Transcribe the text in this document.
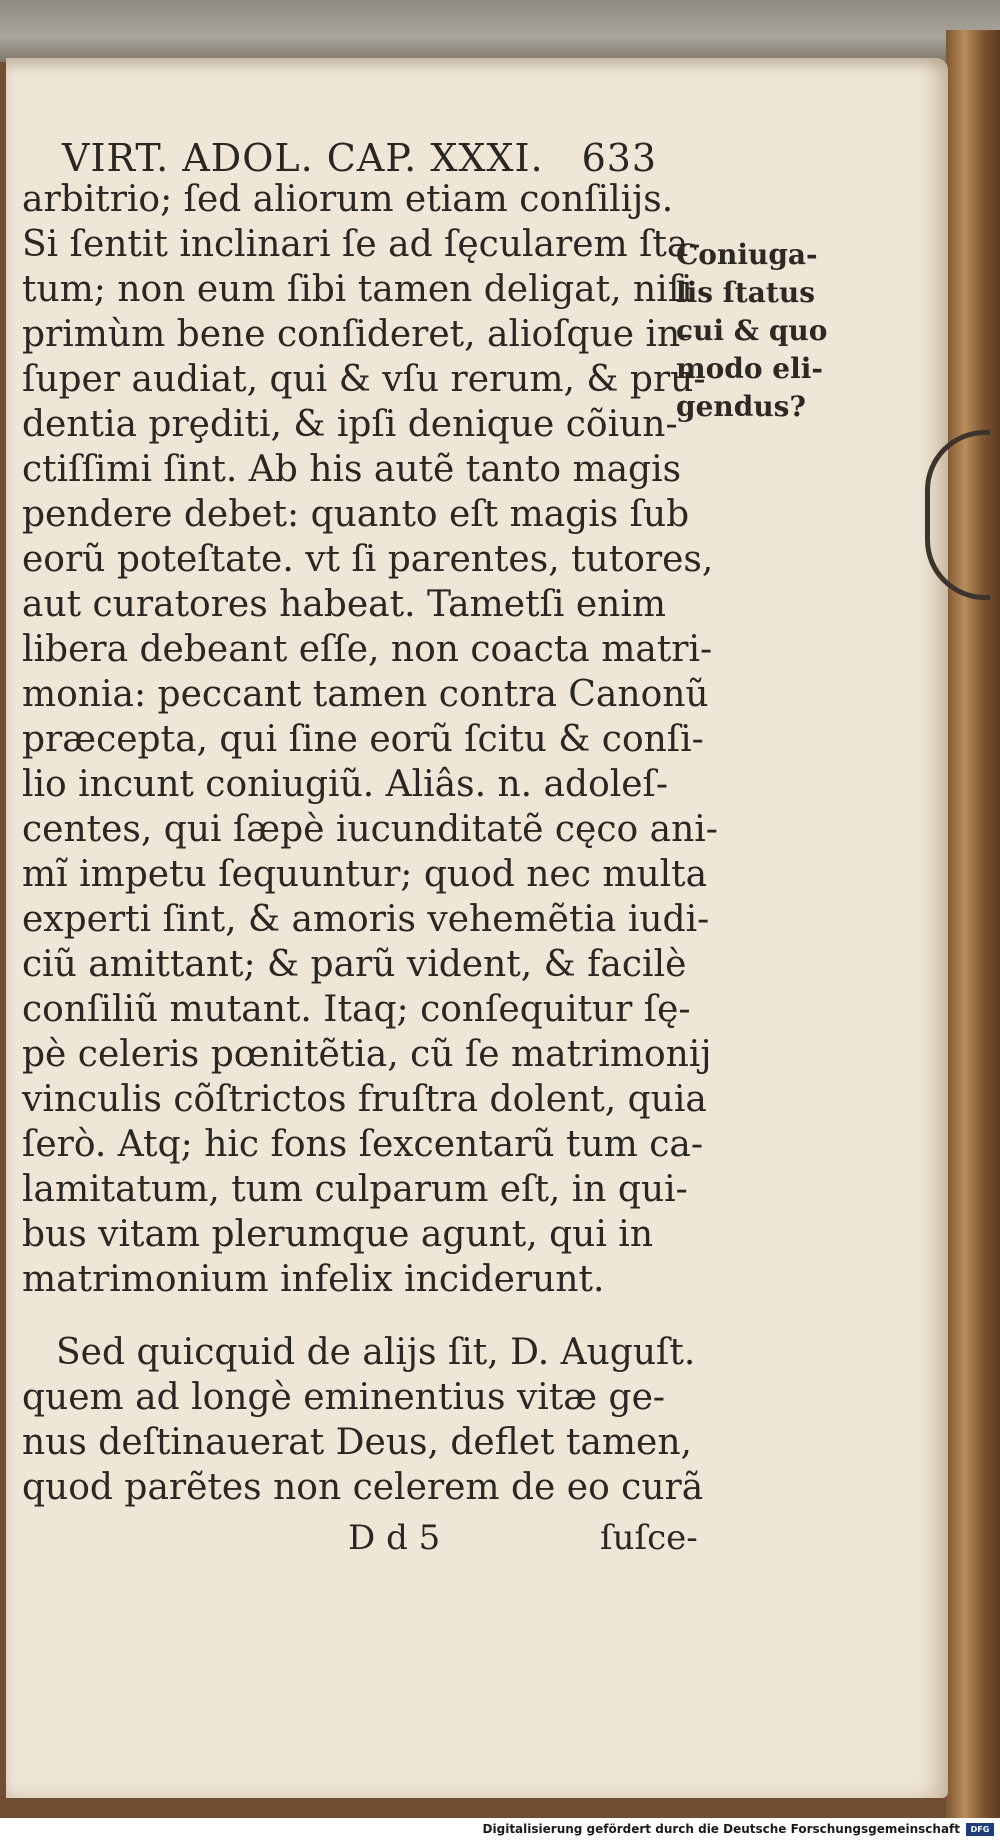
VIRT. ADOL. CAP. XXXI. 633
arbitrio; ſed aliorum etiam conſilijs.
Si ſentit inclinari ſe ad ſęcularem ſta-
tum; non eum ſibi tamen deligat, niſi
primùm bene conſideret, alioſque in-
ſuper audiat, qui & vſu rerum, & pru-
dentia prȩditi, & ipſi denique cõiun-
ctiſſimi ſint. Ab his autẽ tanto magis
pendere debet: quanto eſt magis ſub
eorũ poteſtate. vt ſi parentes, tutores,
aut curatores habeat. Tametſi enim
libera debeant eſſe, non coacta matri-
monia: peccant tamen contra Canonũ
præcepta, qui ſine eorũ ſcitu & conſi-
lio incunt coniugiũ. Aliâs. n. adoleſ-
centes, qui ſæpè iucunditatẽ cęco ani-
mĩ impetu ſequuntur; quod nec multa
experti ſint, & amoris vehemẽtia iudi-
ciũ amittant; & parũ vident, & facilè
conſiliũ mutant. Itaq; conſequitur ſę-
pè celeris pœnitẽtia, cũ ſe matrimonij
vinculis cõſtrictos fruſtra dolent, quia
ſerò. Atq; hic fons ſexcentarũ tum ca-
lamitatum, tum culparum eſt, in qui-
bus vitam plerumque agunt, qui in
matrimonium infelix inciderunt.
Sed quicquid de alijs ſit, D. Auguſt.
quem ad longè eminentius vitæ ge-
nus deſtinauerat Deus, deflet tamen,
quod parẽtes non celerem de eo curã
Coniuga-
lis ſtatus
cui & quo
modo eli-
gendus?
D d 5	ſuſce-
Digitalisierung gefördert durch die Deutsche Forschungsgemeinschaft	DFG
